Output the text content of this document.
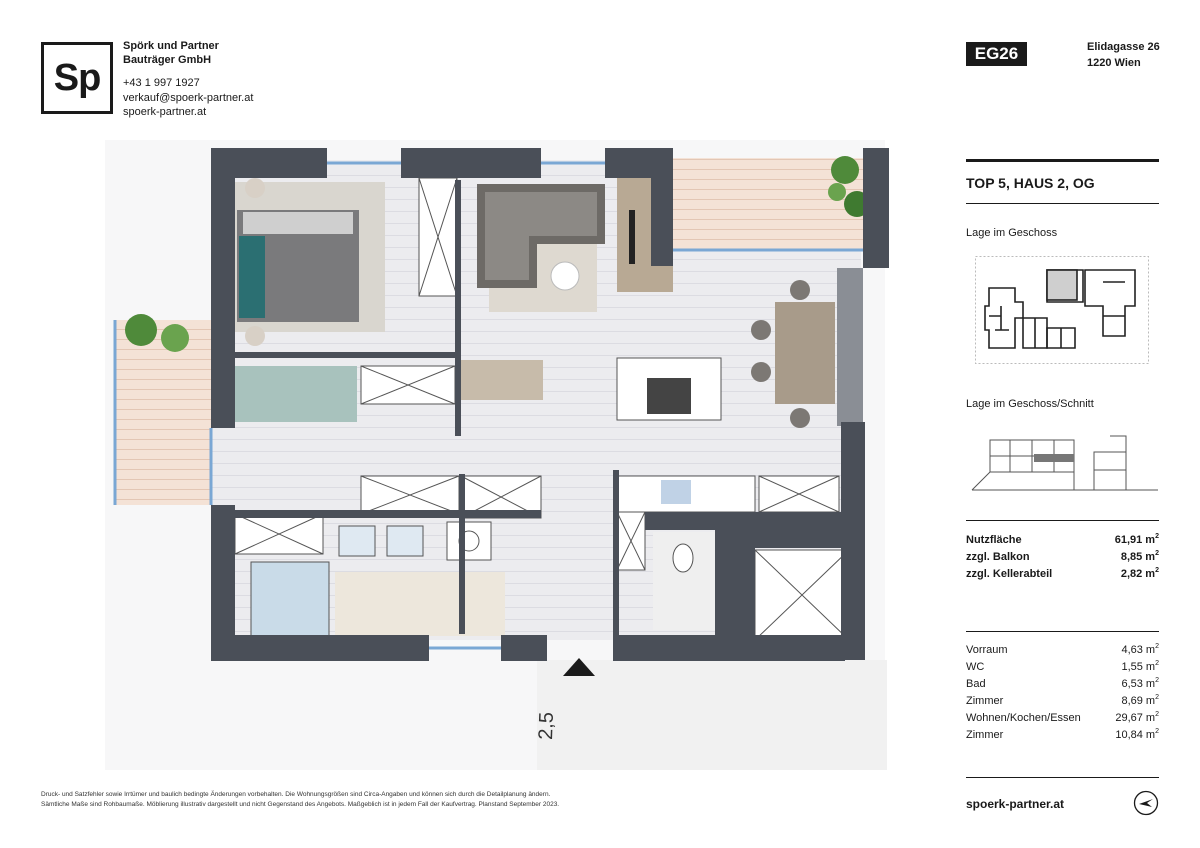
Sp
Spörk und Partner
Bauträger GmbH
+43 1 997 1927
verkauf@spoerk-partner.at
spoerk-partner.at
EG26	Elidagasse 26
1220 Wien
TOP 5, HAUS 2, OG
Lage im Geschoss
Lage im Geschoss/Schnitt
Nutzfläche	61,91 $m^2$
zzgl. Balkon	8,85 $m^2$
zzgl. Kellerabteil	2,82 $m^2$
Vorraum	4,63 $m^2$
WC	1,55 $m^2$
Bad	6,53 $m^2$
Zimmer	8,69 $m^2$
Wohnen/Kochen/Essen	29,67 $m^2$
Zimmer	10,84 $m^2$
2,5
Druck- und Satzfehler sowie Irrtümer und baulich bedingte Änderungen vorbehalten. Die Wohnungsgrößen sind Circa-Angaben und können sich durch die Detailplanung ändern.
Sämtliche Maße sind Rohbaumaße. Möblierung illustrativ dargestellt und nicht Gegenstand des Angebots. Maßgeblich ist in jedem Fall der Kaufvertrag. Planstand September 2023.	spoerk-partner.at
